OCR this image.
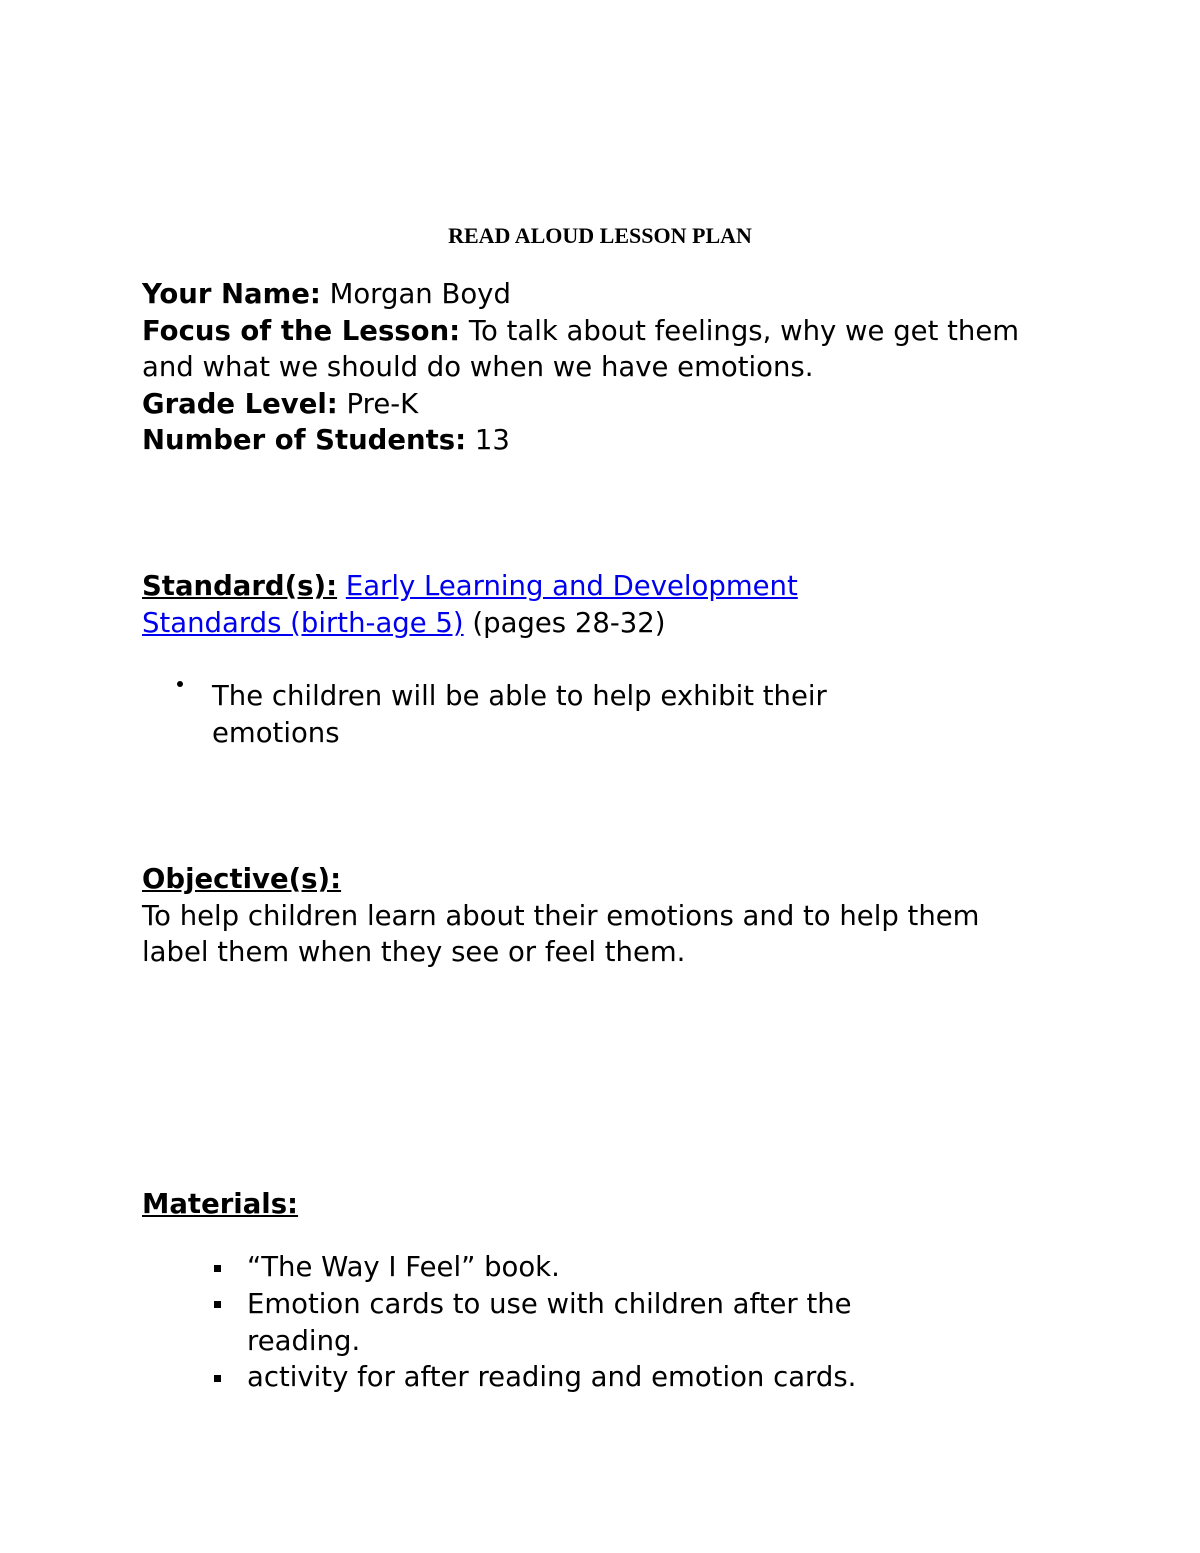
READ ALOUD LESSON PLAN
Your Name: Morgan Boyd
Focus of the Lesson: To talk about feelings, why we get them and what we should do when we have emotions.
Grade Level: Pre-K
Number of Students: 13
Standard(s): Early Learning and Development Standards (birth-age 5) (pages 28-32)
The children will be able to help exhibit their emotions
Objective(s):
To help children learn about their emotions and to help them label them when they see or feel them.
Materials:
“The Way I Feel” book.
Emotion cards to use with children after the reading.
activity for after reading and emotion cards.
